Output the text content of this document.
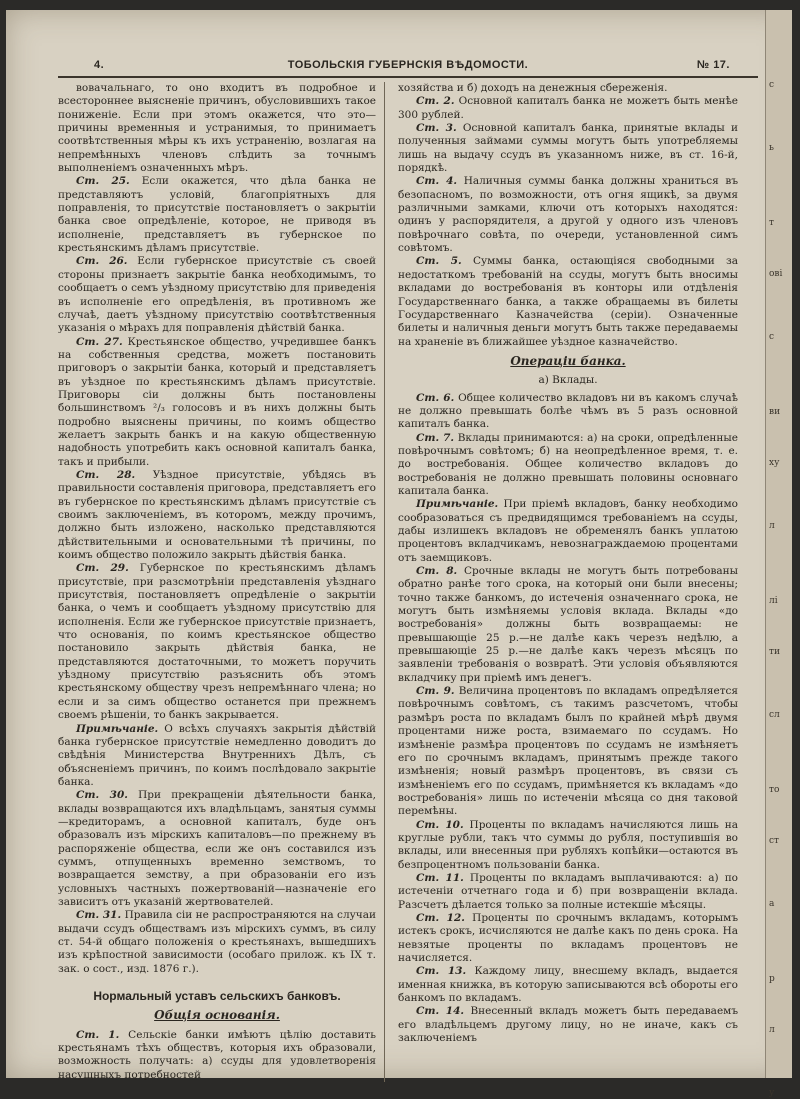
с
ь
т
ові
с
ви
ху
л
лі
ти
сл
то
ст
а
р
л
у
4.	ТОБОЛЬСКІЯ ГУБЕРНСКІЯ ВѢДОМОСТИ.	№ 17.

вовачальнаго, то оно входитъ въ подробное и всестороннее выясненіе причинъ, обусловившихъ такое пониженіе. Если при этомъ окажется, что это—причины временныя и устранимыя, то принимаетъ соотвѣтственныя мѣры къ ихъ устраненію, возлагая на непремѣнныхъ членовъ слѣдить за точнымъ выполненіемъ означенныхъ мѣръ.

Ст. 25. Если окажется, что дѣла банка не представляютъ условій, благопріятныхъ для поправленія, то присутствіе постановляетъ о закрытіи банка свое опредѣленіе, которое, не приводя въ исполненіе, представляетъ въ губернское по крестьянскимъ дѣламъ присутствіе.

Ст. 26. Если губернское присутствіе съ своей стороны признаетъ закрытіе банка необходимымъ, то сообщаетъ о семъ уѣздному присутствію для приведенія въ исполненіе его опредѣленія, въ противномъ же случаѣ, даетъ уѣздному присутствію соотвѣтственныя указанія о мѣрахъ для поправленія дѣйствій банка.

Ст. 27. Крестьянское общество, учредившее банкъ на собственныя средства, можетъ постановить приговоръ о закрытіи банка, который и представляетъ въ уѣздное по крестьянскимъ дѣламъ присутствіе. Приговоры сіи должны быть постановлены большинствомъ ²/₃ голосовъ и въ нихъ должны быть подробно выяснены причины, по коимъ общество желаетъ закрыть банкъ и на какую общественную надобность употребить какъ основной капиталъ банка, такъ и прибыли.

Ст. 28. Уѣздное присутствіе, убѣдясь въ правильности составленія приговора, представляетъ его въ губернское по крестьянскимъ дѣламъ присутствіе съ своимъ заключеніемъ, въ которомъ, между прочимъ, должно быть изложено, насколько представляются дѣйствительными и основательными тѣ причины, по коимъ общество положило закрыть дѣйствія банка.

Ст. 29. Губернское по крестьянскимъ дѣламъ присутствіе, при разсмотрѣніи представленія уѣзднаго присутствія, постановляетъ опредѣленіе о закрытіи банка, о чемъ и сообщаетъ уѣздному присутствію для исполненія. Если же губернское присутствіе признаетъ, что основанія, по коимъ крестьянское общество постановило закрыть дѣйствія банка, не представляются достаточными, то можетъ поручить уѣздному присутствію разъяснить объ этомъ крестьянскому обществу чрезъ непремѣннаго члена; но если и за симъ общество останется при прежнемъ своемъ рѣшеніи, то банкъ закрывается.

Примѣчаніе. О всѣхъ случаяхъ закрытія дѣйствій банка губернское присутствіе немедленно доводитъ до свѣдѣнія Министерства Внутреннихъ Дѣлъ, съ объясненіемъ причинъ, по коимъ послѣдовало закрытіе банка.

Ст. 30. При прекращеніи дѣятельности банка, вклады возвращаются ихъ владѣльцамъ, занятыя суммы—кредиторамъ, а основной капиталъ, буде онъ образовалъ изъ мірскихъ капиталовъ—по прежнему въ распоряженіе общества, если же онъ составился изъ суммъ, отпущенныхъ временно земствомъ, то возвращается земству, а при образованіи его изъ условныхъ частныхъ пожертвованій—назначеніе его зависитъ отъ указаній жертвователей.

Ст. 31. Правила сіи не распространяются на случаи выдачи ссудъ обществамъ изъ мірскихъ суммъ, въ силу ст. 54-й общаго положенія о крестьянахъ, вышедшихъ изъ крѣпостной зависимости (особаго прилож. къ IX т. зак. о сост., изд. 1876 г.).

Нормальный уставъ сельскихъ банковъ.
Общія основанія.

Ст. 1. Сельскіе банки имѣютъ цѣлію доставить крестьянамъ тѣхъ обществъ, которыя ихъ образовали, возможность получать: а) ссуды для удовлетворенія насущныхъ потребностей

хозяйства и б) доходъ на денежныя сбереженія.

Ст. 2. Основной капиталъ банка не можетъ быть менѣе 300 рублей.

Ст. 3. Основной капиталъ банка, принятые вклады и полученныя займами суммы могутъ быть употребляемы лишь на выдачу ссудъ въ указанномъ ниже, въ ст. 16-й, порядкѣ.

Ст. 4. Наличныя суммы банка должны храниться въ безопасномъ, по возможности, отъ огня ящикѣ, за двумя различными замками, ключи отъ которыхъ находятся: одинъ у распорядителя, а другой у одного изъ членовъ повѣрочнаго совѣта, по очереди, установленной симъ совѣтомъ.

Ст. 5. Суммы банка, остающіяся свободными за недостаткомъ требованій на ссуды, могутъ быть вносимы вкладами до востребованія въ конторы или отдѣленія Государственнаго банка, а также обращаемы въ билеты Государственнаго Казначейства (серіи). Означенные билеты и наличныя деньги могутъ быть также передаваемы на храненіе въ ближайшее уѣздное казначейство.

Операціи банка.
а) Вклады.

Ст. 6. Общее количество вкладовъ ни въ какомъ случаѣ не должно превышать болѣе чѣмъ въ 5 разъ основной капиталъ банка.

Ст. 7. Вклады принимаются: а) на сроки, опредѣленные повѣрочнымъ совѣтомъ; б) на неопредѣленное время, т. е. до востребованія. Общее количество вкладовъ до востребованія не должно превышать половины основнаго капитала банка.

Примѣчаніе. При пріемѣ вкладовъ, банку необходимо сообразоваться съ предвидящимся требованіемъ на ссуды, дабы излишекъ вкладовъ не обременялъ банкъ уплатою процентовъ вкладчикамъ, невознаграждаемою процентами отъ заемщиковъ.

Ст. 8. Срочные вклады не могутъ быть потребованы обратно ранѣе того срока, на который они были внесены; точно также банкомъ, до истеченія означеннаго срока, не могутъ быть измѣняемы условія вклада. Вклады «до востребованія» должны быть возвращаемы: не превышающіе 25 р.—не далѣе какъ черезъ недѣлю, а превышающіе 25 р.—не далѣе какъ черезъ мѣсяцъ по заявленіи требованія о возвратѣ. Эти условія объявляются вкладчику при пріемѣ имъ денегъ.

Ст. 9. Величина процентовъ по вкладамъ опредѣляется повѣрочнымъ совѣтомъ, съ такимъ разсчетомъ, чтобы размѣръ роста по вкладамъ былъ по крайней мѣрѣ двумя процентами ниже роста, взимаемаго по ссудамъ. Но измѣненіе размѣра процентовъ по ссудамъ не измѣняетъ его по срочнымъ вкладамъ, принятымъ прежде такого измѣненія; новый размѣръ процентовъ, въ связи съ измѣненіемъ его по ссудамъ, примѣняется къ вкладамъ «до востребованія» лишь по истеченіи мѣсяца со дня таковой перемѣны.

Ст. 10. Проценты по вкладамъ начисляются лишь на круглые рубли, такъ что суммы до рубля, поступившія во вклады, или внесенныя при рубляхъ копѣйки—остаются въ безпроцентномъ пользованіи банка.

Ст. 11. Проценты по вкладамъ выплачиваются: а) по истеченіи отчетнаго года и б) при возвращеніи вклада. Разсчетъ дѣлается только за полные истекшіе мѣсяцы.

Ст. 12. Проценты по срочнымъ вкладамъ, которымъ истекъ срокъ, исчисляются не далѣе какъ по день срока. На невзятые проценты по вкладамъ процентовъ не начисляется.

Ст. 13. Каждому лицу, внесшему вкладъ, выдается именная книжка, въ которую записываются всѣ обороты его банкомъ по вкладамъ.

Ст. 14. Внесенный вкладъ можетъ быть передаваемъ его владѣльцемъ другому лицу, но не иначе, какъ съ заключеніемъ
